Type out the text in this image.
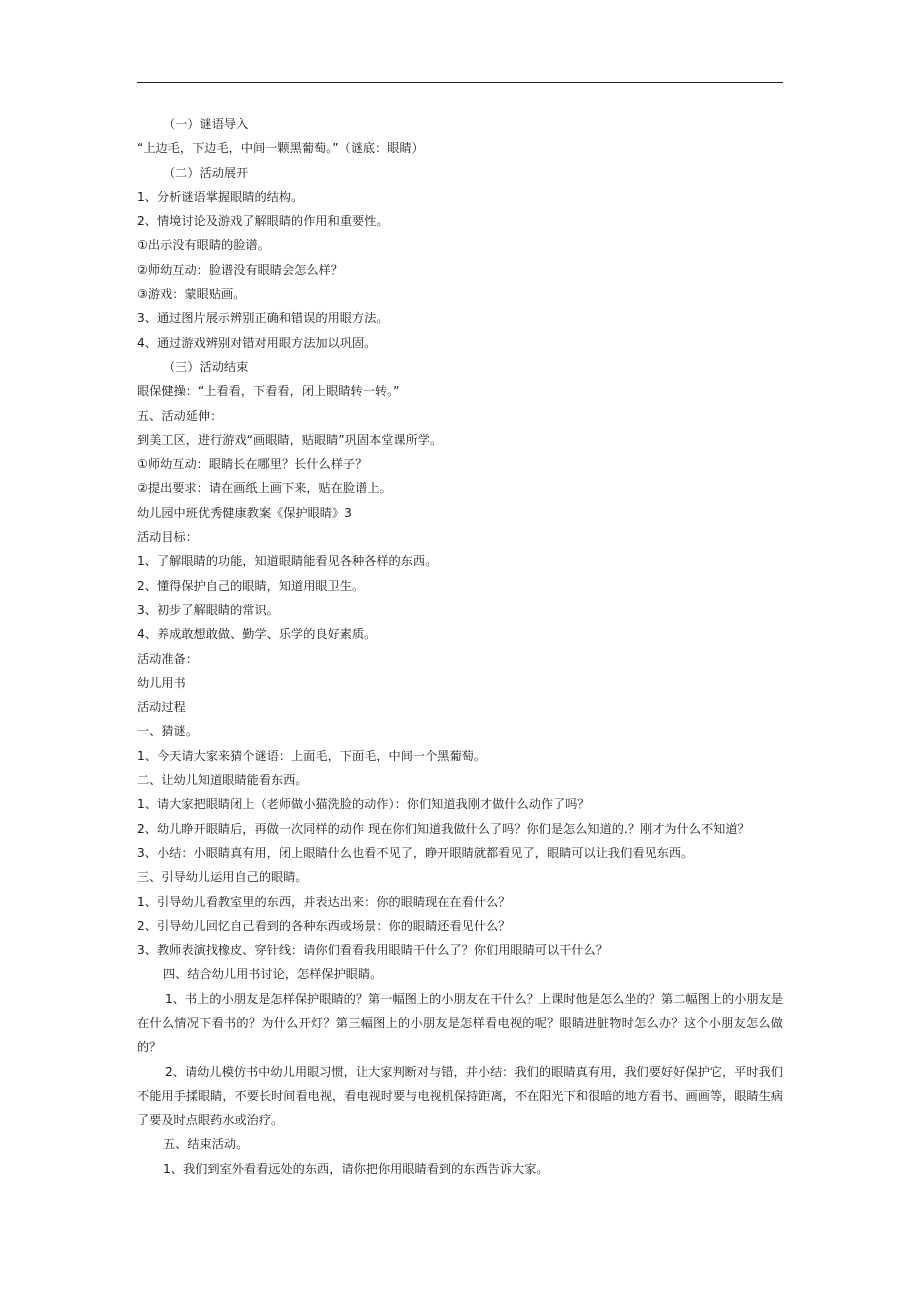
（一）谜语导入

“上边毛，下边毛，中间一颗黑葡萄。”（谜底：眼睛）

（二）活动展开

1、分析谜语掌握眼睛的结构。

2、情境讨论及游戏了解眼睛的作用和重要性。

①出示没有眼睛的脸谱。

②师幼互动：脸谱没有眼睛会怎么样？

③游戏：蒙眼贴画。

3、通过图片展示辨别正确和错误的用眼方法。

4、通过游戏辨别对错对用眼方法加以巩固。

（三）活动结束

眼保健操：“上看看，下看看，闭上眼睛转一转。”

五、活动延伸：

到美工区，进行游戏“画眼睛，贴眼睛”巩固本堂课所学。

①师幼互动：眼睛长在哪里？长什么样子？

②提出要求：请在画纸上画下来，贴在脸谱上。

幼儿园中班优秀健康教案《保护眼睛》3

活动目标：

1、了解眼睛的功能，知道眼睛能看见各种各样的东西。

2、懂得保护自己的眼睛，知道用眼卫生。

3、初步了解眼睛的常识。

4、养成敢想敢做、勤学、乐学的良好素质。

活动准备：

幼儿用书

活动过程

一、猜谜。

1、今天请大家来猜个谜语：上面毛，下面毛，中间一个黑葡萄。

二、让幼儿知道眼睛能看东西。

1、请大家把眼睛闭上（老师做小猫洗脸的动作）：你们知道我刚才做什么动作了吗？

2、幼儿睁开眼睛后，再做一次同样的动作 现在你们知道我做什么了吗？你们是怎么知道的.？刚才为什么不知道？

3、小结：小眼睛真有用，闭上眼睛什么也看不见了，睁开眼睛就都看见了，眼睛可以让我们看见东西。

三、引导幼儿运用自己的眼睛。

1、引导幼儿看教室里的东西，并表达出来：你的眼睛现在在看什么？

2、引导幼儿回忆自己看到的各种东西或场景：你的眼睛还看见什么？

3、教师表演找橡皮、穿针线：请你们看看我用眼睛干什么了？你们用眼睛可以干什么？

四、结合幼儿用书讨论，怎样保护眼睛。

1、书上的小朋友是怎样保护眼睛的？第一幅图上的小朋友在干什么？上课时他是怎么坐的？第二幅图上的小朋友是在什么情况下看书的？为什么开灯？第三幅图上的小朋友是怎样看电视的呢？眼睛进脏物时怎么办？这个小朋友怎么做的？

2、请幼儿模仿书中幼儿用眼习惯，让大家判断对与错，并小结：我们的眼睛真有用，我们要好好保护它，平时我们不能用手揉眼睛，不要长时间看电视，看电视时要与电视机保持距离，不在阳光下和很暗的地方看书、画画等，眼睛生病了要及时点眼药水或治疗。

五、结束活动。

1、我们到室外看看远处的东西，请你把你用眼睛看到的东西告诉大家。
